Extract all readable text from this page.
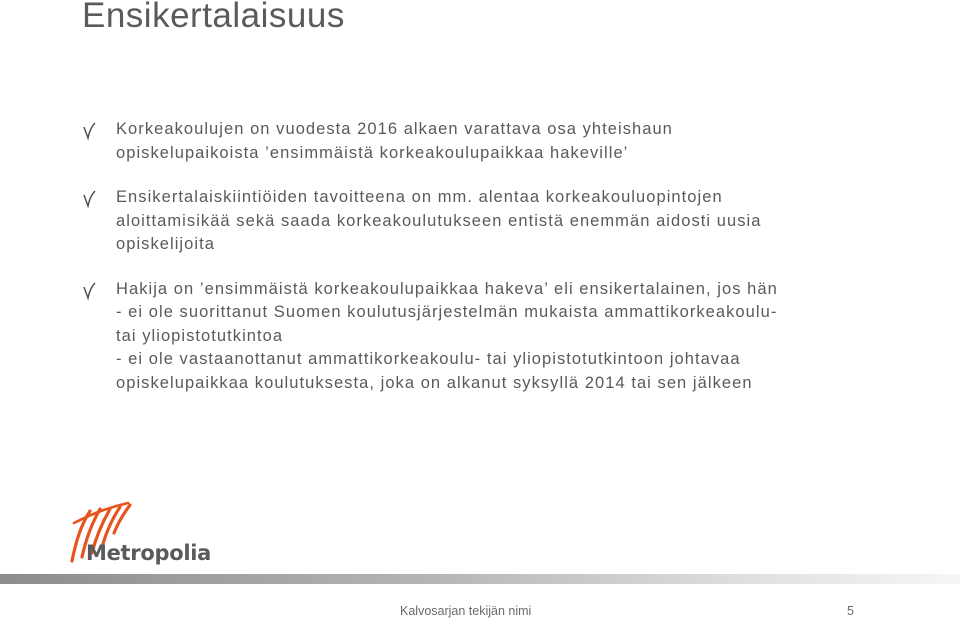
Ensikertalaisuus

Korkeakoulujen on vuodesta 2016 alkaen varattava osa yhteishaun

opiskelupaikoista ’ensimmäistä korkeakoulupaikkaa hakeville’

Ensikertalaiskiintiöiden tavoitteena on mm. alentaa korkeakouluopintojen

aloittamisikää sekä saada korkeakoulutukseen entistä enemmän aidosti uusia

opiskelijoita

Hakija on ’ensimmäistä korkeakoulupaikkaa hakeva’ eli ensikertalainen, jos hän

- ei ole suorittanut Suomen koulutusjärjestelmän mukaista ammattikorkeakoulu-

tai yliopistotutkintoa

- ei ole vastaanottanut ammattikorkeakoulu- tai yliopistotutkintoon johtavaa

opiskelupaikkaa koulutuksesta, joka on alkanut syksyllä 2014 tai sen jälkeen

Metropolia
Kalvosarjan tekijän nimi	5
